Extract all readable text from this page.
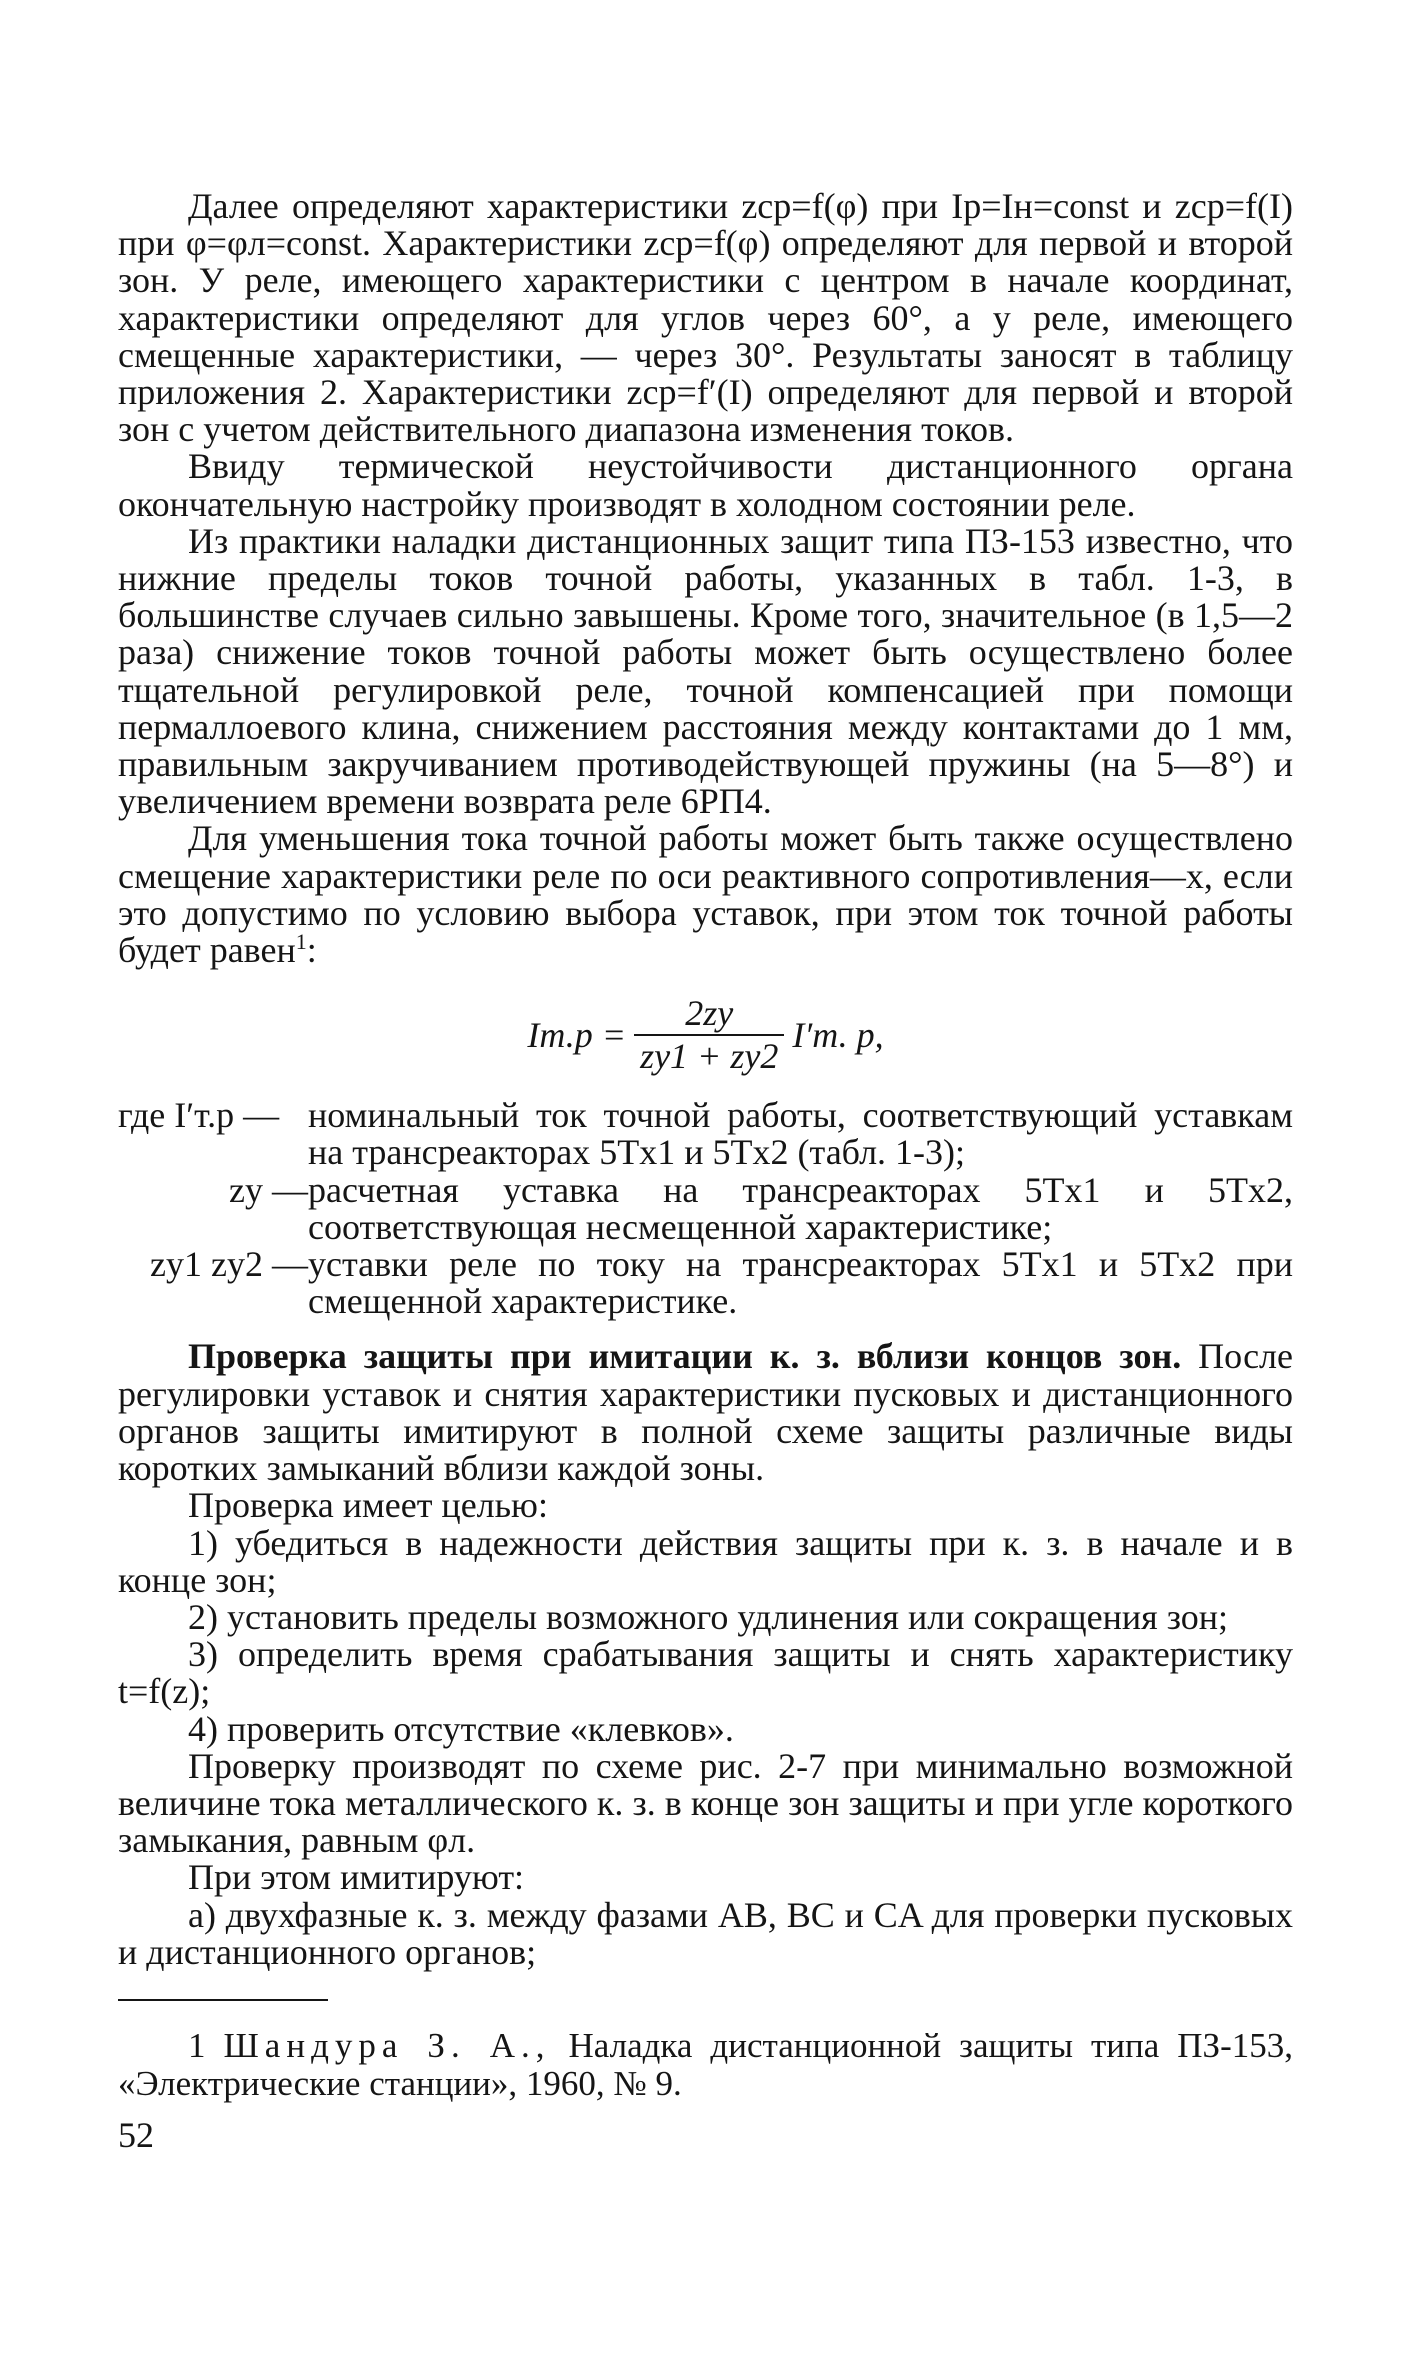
Далее определяют характеристики zср=f(φ) при Iр=Iн=const и zср=f(I) при φ=φл=const. Характеристики zср=f(φ) определяют для первой и второй зон. У реле, имеющего характеристики с центром в начале координат, характеристики определяют для углов через 60°, а у реле, имеющего смещенные характеристики, — через 30°. Результаты заносят в таблицу приложения 2. Характеристики zср=f′(I) определяют для первой и второй зон с учетом действительного диапазона изменения токов.

Ввиду термической неустойчивости дистанционного органа окончательную настройку производят в холодном состоянии реле.

Из практики наладки дистанционных защит типа ПЗ-153 известно, что нижние пределы токов точной работы, указанных в табл. 1-3, в большинстве случаев сильно завышены. Кроме того, значительное (в 1,5—2 раза) снижение токов точной работы может быть осуществлено более тщательной регулировкой реле, точной компенсацией при помощи пермаллоевого клина, снижением расстояния между контактами до 1 мм, правильным закручиванием противодействующей пружины (на 5—8°) и увеличением времени возврата реле 6РП4.

Для уменьшения тока точной работы может быть также осуществлено смещение характеристики реле по оси реактивного сопротивления—x, если это допустимо по условию выбора уставок, при этом ток точной работы будет равен$^1$:

$Iт.р = \frac{2zу}{zу1 + zу2} I'т$. р,
где I′т.р — номинальный ток точной работы, соответствующий уставкам на трансреакторах 5Tx1 и 5Tx2 (табл. 1-3);
zу — расчетная уставка на трансреакторах 5Tx1 и 5Tx2, соответствующая несмещенной характеристике;
zу1 zу2 — уставки реле по току на трансреакторах 5Tx1 и 5Tx2 при смещенной характеристике.

Проверка защиты при имитации к. з. вблизи концов зон. После регулировки уставок и снятия характеристики пусковых и дистанционного органов защиты имитируют в полной схеме защиты различные виды коротких замыканий вблизи каждой зоны.

Проверка имеет целью:

1) убедиться в надежности действия защиты при к. з. в начале и в конце зон;

2) установить пределы возможного удлинения или сокращения зон;

3) определить время срабатывания защиты и снять характеристику t=f(z);

4) проверить отсутствие «клевков».

Проверку производят по схеме рис. 2-7 при минимально возможной величине тока металлического к. з. в конце зон защиты и при угле короткого замыкания, равным φл.

При этом имитируют:

а) двухфазные к. з. между фазами AB, BC и CA для проверки пусковых и дистанционного органов;

1 Шандура З. А., Наладка дистанционной защиты типа ПЗ-153, «Электрические станции», 1960, № 9.

52
